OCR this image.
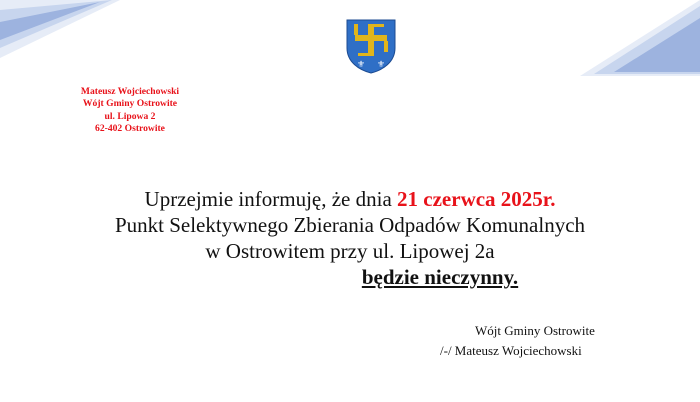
⚜ ⚜
Mateusz Wojciechowski
Wójt Gminy Ostrowite
ul. Lipowa 2
62-402 Ostrowite
Uprzejmie informuję, że dnia 21 czerwca 2025r.
Punkt Selektywnego Zbierania Odpadów Komunalnych
w Ostrowitem przy ul. Lipowej 2a
będzie nieczynny.
Wójt Gminy Ostrowite
/-/ Mateusz Wojciechowski
